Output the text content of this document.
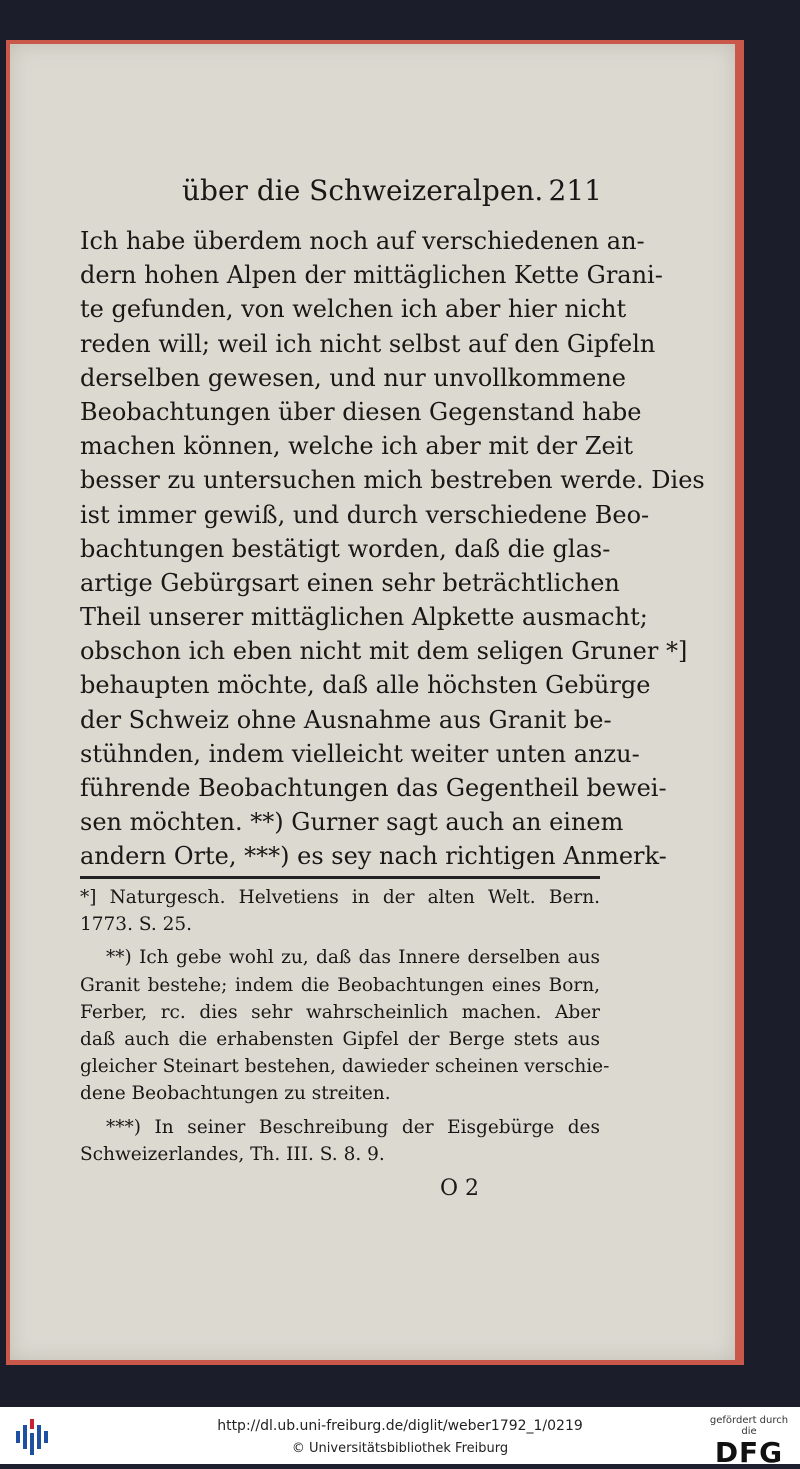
über die Schweizeralpen. 211
Ich habe überdem noch auf verschiedenen an-
dern hohen Alpen der mittäglichen Kette Grani-
te gefunden, von welchen ich aber hier nicht
reden will; weil ich nicht selbst auf den Gipfeln
derselben gewesen, und nur unvollkommene
Beobachtungen über diesen Gegenstand habe
machen können, welche ich aber mit der Zeit
besser zu untersuchen mich bestreben werde. Dies
ist immer gewiß, und durch verschiedene Beo-
bachtungen bestätigt worden, daß die glas-
artige Gebürgsart einen sehr beträchtlichen
Theil unserer mittäglichen Alpkette ausmacht;
obschon ich eben nicht mit dem seligen Gruner *]
behaupten möchte, daß alle höchsten Gebürge
der Schweiz ohne Ausnahme aus Granit be-
stühnden, indem vielleicht weiter unten anzu-
führende Beobachtungen das Gegentheil bewei-
sen möchten. **) Gurner sagt auch an einem
andern Orte, ***) es sey nach richtigen Anmerk-
*] Naturgesch. Helvetiens in der alten Welt. Bern.
1773. S. 25.
**) Ich gebe wohl zu, daß das Innere derselben aus
Granit bestehe; indem die Beobachtungen eines Born,
Ferber, rc. dies sehr wahrscheinlich machen. Aber
daß auch die erhabensten Gipfel der Berge stets aus
gleicher Steinart bestehen, dawieder scheinen verschie-
dene Beobachtungen zu streiten.
***) In seiner Beschreibung der Eisgebürge des
Schweizerlandes, Th. III. S. 8. 9.
O 2
http://dl.ub.uni-freiburg.de/diglit/weber1792_1/0219
© Universitätsbibliothek Freiburg
gefördert durch die
DFG
